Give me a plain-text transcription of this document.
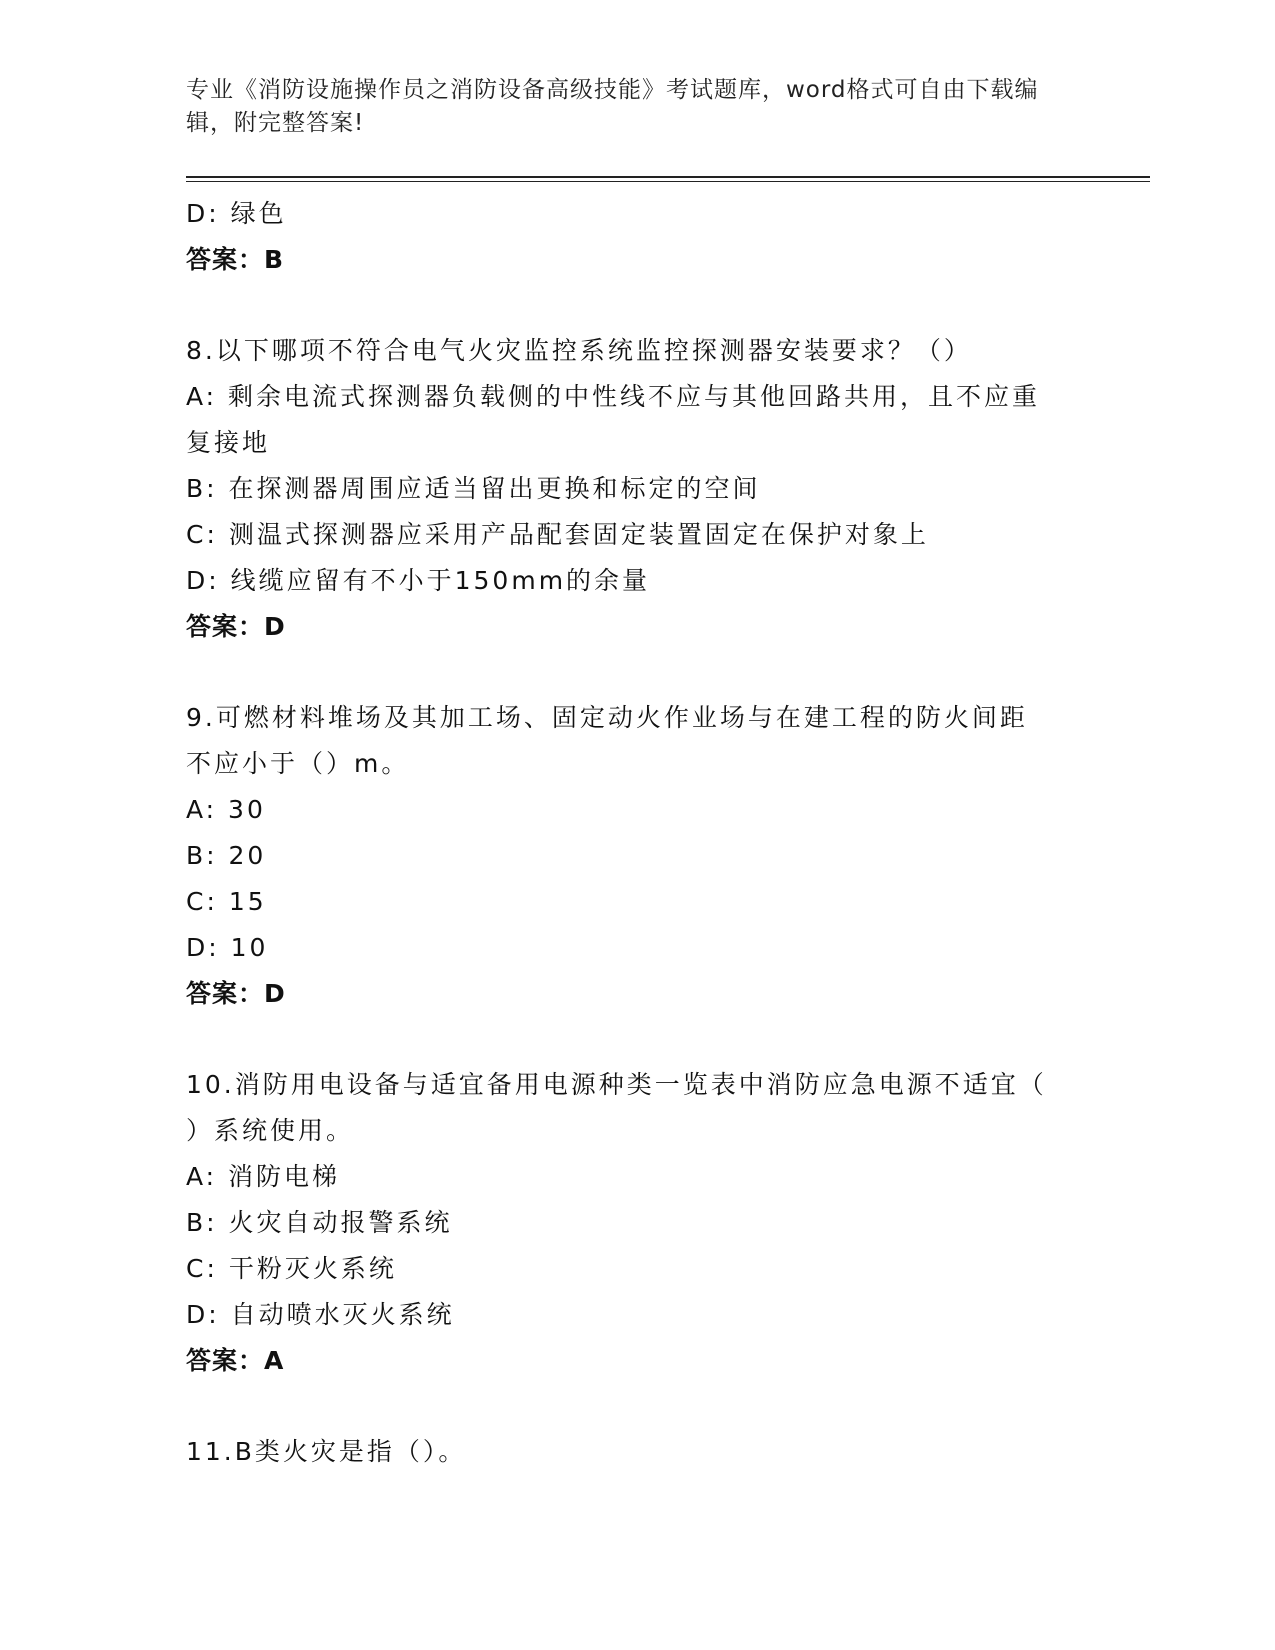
专业《消防设施操作员之消防设备高级技能》考试题库，word格式可自由下载编
辑，附完整答案!
D: 绿色
答案：B
8.以下哪项不符合电气火灾监控系统监控探测器安装要求？（）
A: 剩余电流式探测器负载侧的中性线不应与其他回路共用，且不应重
复接地
B: 在探测器周围应适当留出更换和标定的空间
C: 测温式探测器应采用产品配套固定装置固定在保护对象上
D: 线缆应留有不小于150mm的余量
答案：D
9.可燃材料堆场及其加工场、固定动火作业场与在建工程的防火间距
不应小于（）m。
A: 30
B: 20
C: 15
D: 10
答案：D
10.消防用电设备与适宜备用电源种类一览表中消防应急电源不适宜（
）系统使用。
A: 消防电梯
B: 火灾自动报警系统
C: 干粉灭火系统
D: 自动喷水灭火系统
答案：A
11.B类火灾是指（）。
